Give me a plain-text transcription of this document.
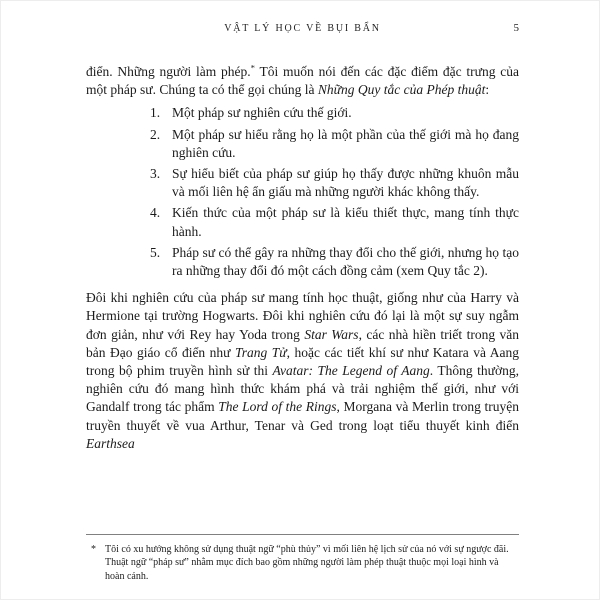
VẬT LÝ HỌC VỀ BỤI BẨN	5

điển. Những người làm phép.* Tôi muốn nói đến các đặc điểm đặc trưng của một pháp sư. Chúng ta có thể gọi chúng là Những Quy tắc của Phép thuật:

1. Một pháp sư nghiên cứu thế giới.
2. Một pháp sư hiểu rằng họ là một phần của thế giới mà họ đang nghiên cứu.
3. Sự hiểu biết của pháp sư giúp họ thấy được những khuôn mẫu và mối liên hệ ẩn giấu mà những người khác không thấy.
4. Kiến thức của một pháp sư là kiểu thiết thực, mang tính thực hành.
5. Pháp sư có thể gây ra những thay đổi cho thế giới, nhưng họ tạo ra những thay đổi đó một cách đồng cảm (xem Quy tắc 2).

Đôi khi nghiên cứu của pháp sư mang tính học thuật, giống như của Harry và Hermione tại trường Hogwarts. Đôi khi nghiên cứu đó lại là một sự suy ngẫm đơn giản, như với Rey hay Yoda trong Star Wars, các nhà hiền triết trong văn bản Đạo giáo cổ điển như Trang Tử, hoặc các tiết khí sư như Katara và Aang trong bộ phim truyền hình sử thi Avatar: The Legend of Aang. Thông thường, nghiên cứu đó mang hình thức khám phá và trải nghiệm thế giới, như với Gandalf trong tác phẩm The Lord of the Rings, Morgana và Merlin trong truyện truyền thuyết về vua Arthur, Tenar và Ged trong loạt tiểu thuyết kinh điển Earthsea

* Tôi có xu hướng không sử dụng thuật ngữ “phù thủy” vì mối liên hệ lịch sử của nó với sự ngược đãi. Thuật ngữ “pháp sư” nhằm mục đích bao gồm những người làm phép thuật thuộc mọi loại hình và hoàn cảnh.
